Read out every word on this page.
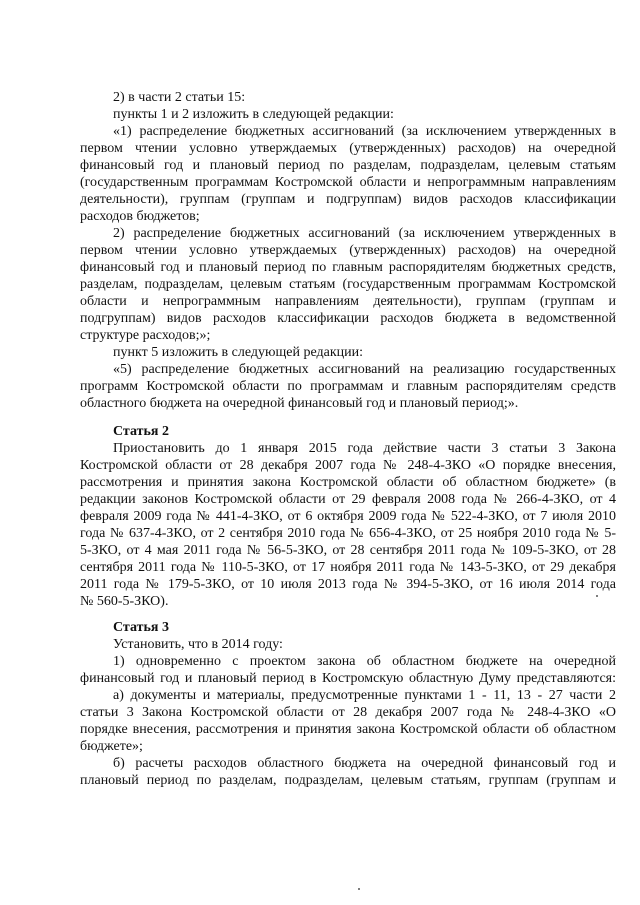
2) в части 2 статьи 15:
пункты 1 и 2 изложить в следующей редакции:
«1) распределение бюджетных ассигнований (за исключением утвержденных в
первом чтении условно утверждаемых (утвержденных) расходов) на очередной
финансовый год и плановый период по разделам, подразделам, целевым статьям
(государственным программам Костромской области и непрограммным направлениям
деятельности), группам (группам и подгруппам) видов расходов классификации
расходов бюджетов;
2) распределение бюджетных ассигнований (за исключением утвержденных в
первом чтении условно утверждаемых (утвержденных) расходов) на очередной
финансовый год и плановый период по главным распорядителям бюджетных средств,
разделам, подразделам, целевым статьям (государственным программам Костромской
области и непрограммным направлениям деятельности), группам (группам и
подгруппам) видов расходов классификации расходов бюджета в ведомственной
структуре расходов;»;
пункт 5 изложить в следующей редакции:
«5) распределение бюджетных ассигнований на реализацию государственных
программ Костромской области по программам и главным распорядителям средств
областного бюджета на очередной финансовый год и плановый период;».
Статья 2
Приостановить до 1 января 2015 года действие части 3 статьи 3 Закона
Костромской области от 28 декабря 2007 года № 248-4-ЗКО «О порядке внесения,
рассмотрения и принятия закона Костромской области об областном бюджете» (в
редакции законов Костромской области от 29 февраля 2008 года № 266-4-ЗКО, от 4
февраля 2009 года № 441-4-ЗКО, от 6 октября 2009 года № 522-4-ЗКО, от 7 июля 2010
года № 637-4-ЗКО, от 2 сентября 2010 года № 656-4-ЗКО, от 25 ноября 2010 года № 5-
5-ЗКО, от 4 мая 2011 года № 56-5-ЗКО, от 28 сентября 2011 года № 109-5-ЗКО, от 28
сентября 2011 года № 110-5-ЗКО, от 17 ноября 2011 года № 143-5-ЗКО, от 29 декабря
2011 года № 179-5-ЗКО, от 10 июля 2013 года № 394-5-ЗКО, от 16 июля 2014 года
№ 560-5-ЗКО).
Статья 3
Установить, что в 2014 году:
1) одновременно с проектом закона об областном бюджете на очередной
финансовый год и плановый период в Костромскую областную Думу представляются:
а) документы и материалы, предусмотренные пунктами 1 - 11, 13 - 27 части 2
статьи 3 Закона Костромской области от 28 декабря 2007 года № 248-4-ЗКО «О
порядке внесения, рассмотрения и принятия закона Костромской области об областном
бюджете»;
б) расчеты расходов областного бюджета на очередной финансовый год и
плановый период по разделам, подразделам, целевым статьям, группам (группам и
